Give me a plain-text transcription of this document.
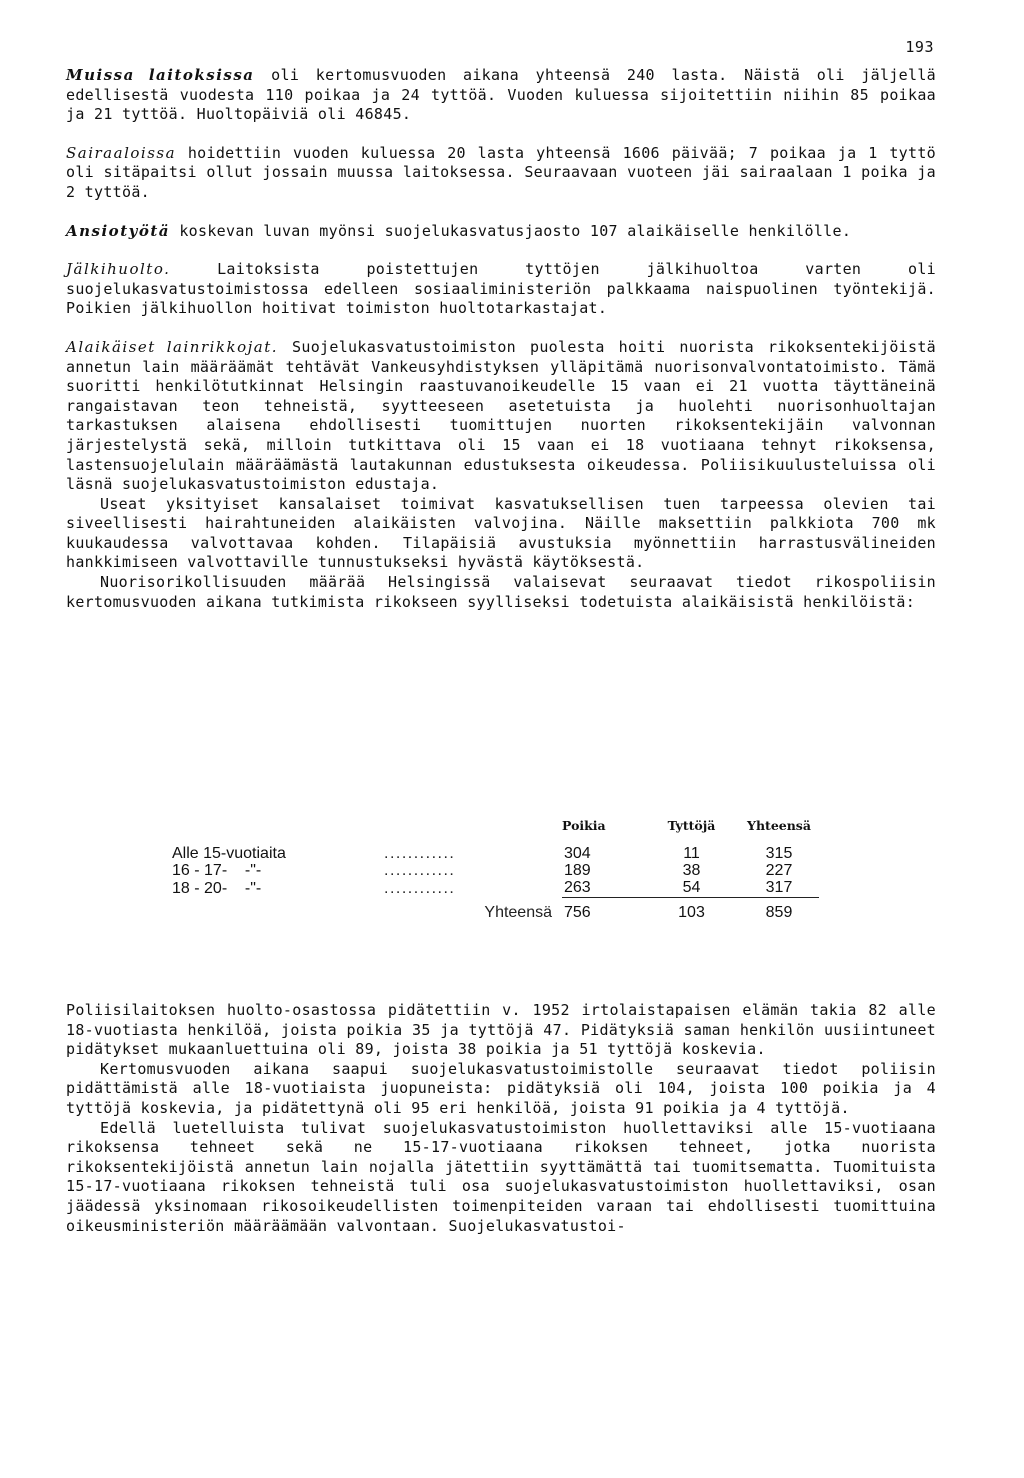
193

Muissa laitoksissa oli kertomusvuoden aikana yhteensä 240 lasta. Näistä oli jäljellä edellisestä vuodesta 110 poikaa ja 24 tyttöä. Vuoden kuluessa sijoitettiin niihin 85 poikaa ja 21 tyttöä. Huoltopäiviä oli 46845.

Sairaaloissa hoidettiin vuoden kuluessa 20 lasta yhteensä 1606 päivää; 7 poikaa ja 1 tyttö oli sitäpaitsi ollut jossain muussa laitoksessa. Seuraavaan vuoteen jäi sairaalaan 1 poika ja 2 tyttöä.

Ansiotyötä koskevan luvan myönsi suojelukasvatusjaosto 107 alaikäiselle henkilölle.

Jälkihuolto. Laitoksista poistettujen tyttöjen jälkihuoltoa varten oli suojelukasvatustoimistossa edelleen sosiaaliministeriön palkkaama naispuolinen työntekijä. Poikien jälkihuollon hoitivat toimiston huoltotarkastajat.

Alaikäiset lainrikkojat. Suojelukasvatustoimiston puolesta hoiti nuorista rikoksentekijöistä annetun lain määräämät tehtävät Vankeusyhdistyksen ylläpitämä nuorisonvalvontatoimisto. Tämä suoritti henkilötutkinnat Helsingin raastuvanoikeudelle 15 vaan ei 21 vuotta täyttäneinä rangaistavan teon tehneistä, syytteeseen asetetuista ja huolehti nuorisonhuoltajan tarkastuksen alaisena ehdollisesti tuomittujen nuorten rikoksentekijäin valvonnan järjestelystä sekä, milloin tutkittava oli 15 vaan ei 18 vuotiaana tehnyt rikoksensa, lastensuojelulain määräämästä lautakunnan edustuksesta oikeudessa. Poliisikuulusteluissa oli läsnä suojelukasvatustoimiston edustaja.

Useat yksityiset kansalaiset toimivat kasvatuksellisen tuen tarpeessa olevien tai siveellisesti hairahtuneiden alaikäisten valvojina. Näille maksettiin palkkiota 700 mk kuukaudessa valvottavaa kohden. Tilapäisiä avustuksia myönnettiin harrastusvälineiden hankkimiseen valvottaville tunnustukseksi hyvästä käytöksestä.

Nuorisorikollisuuden määrää Helsingissä valaisevat seuraavat tiedot rikospoliisin kertomusvuoden aikana tutkimista rikokseen syylliseksi todetuista alaikäisistä henkilöistä:

		Poikia	Tyttöjä	Yhteensä
Alle 15-vuotiaita	............	304	11	315
16 - 17-    -"-	............	189	38	227
18 - 20-    -"-	............	263	54	317
	Yhteensä	756	103	859

Poliisilaitoksen huolto-osastossa pidätettiin v. 1952 irtolaistapaisen elämän takia 82 alle 18-vuotiasta henkilöä, joista poikia 35 ja tyttöjä 47. Pidätyksiä saman henkilön uusiintuneet pidätykset mukaanluettuina oli 89, joista 38 poikia ja 51 tyttöjä koskevia.

Kertomusvuoden aikana saapui suojelukasvatustoimistolle seuraavat tiedot poliisin pidättämistä alle 18-vuotiaista juopuneista: pidätyksiä oli 104, joista 100 poikia ja 4 tyttöjä koskevia, ja pidätettynä oli 95 eri henkilöä, joista 91 poikia ja 4 tyttöjä.

Edellä luetelluista tulivat suojelukasvatustoimiston huollettaviksi alle 15-vuotiaana rikoksensa tehneet sekä ne 15-17-vuotiaana rikoksen tehneet, jotka nuorista rikoksentekijöistä annetun lain nojalla jätettiin syyttämättä tai tuomitsematta. Tuomituista 15-17-vuotiaana rikoksen tehneistä tuli osa suojelukasvatustoimiston huollettaviksi, osan jäädessä yksinomaan rikosoikeudellisten toimenpiteiden varaan tai ehdollisesti tuomittuina oikeusministeriön määräämään valvontaan. Suojelukasvatustoi-
